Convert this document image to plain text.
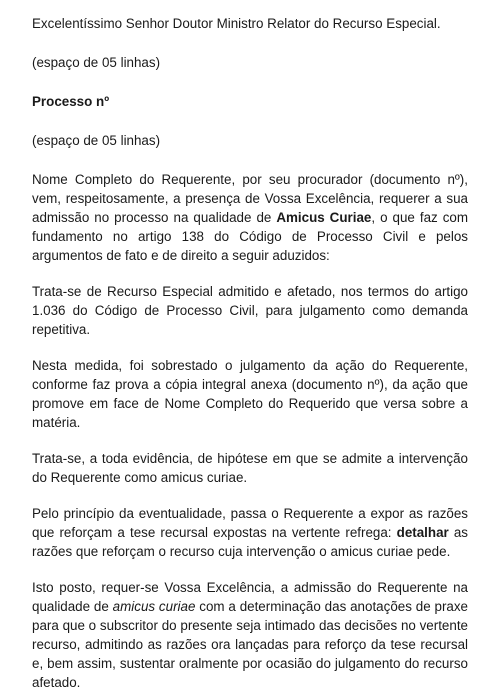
Excelentíssimo Senhor Doutor Ministro Relator do Recurso Especial.

(espaço de 05 linhas)

Processo nº

(espaço de 05 linhas)

Nome Completo do Requerente, por seu procurador (documento nº), vem, respeitosamente, a presença de Vossa Excelência, requerer a sua admissão no processo na qualidade de Amicus Curiae, o que faz com fundamento no artigo 138 do Código de Processo Civil e pelos argumentos de fato e de direito a seguir aduzidos:

Trata-se de Recurso Especial admitido e afetado, nos termos do artigo 1.036 do Código de Processo Civil, para julgamento como demanda repetitiva.

Nesta medida, foi sobrestado o julgamento da ação do Requerente, conforme faz prova a cópia integral anexa (documento nº), da ação que promove em face de Nome Completo do Requerido que versa sobre a matéria.

Trata-se, a toda evidência, de hipótese em que se admite a intervenção do Requerente como amicus curiae.

Pelo princípio da eventualidade, passa o Requerente a expor as razões que reforçam a tese recursal expostas na vertente refrega: detalhar as razões que reforçam o recurso cuja intervenção o amicus curiae pede.

Isto posto, requer-se Vossa Excelência, a admissão do Requerente na qualidade de amicus curiae com a determinação das anotações de praxe para que o subscritor do presente seja intimado das decisões no vertente recurso, admitindo as razões ora lançadas para reforço da tese recursal e, bem assim, sustentar oralmente por ocasião do julgamento do recurso afetado.
